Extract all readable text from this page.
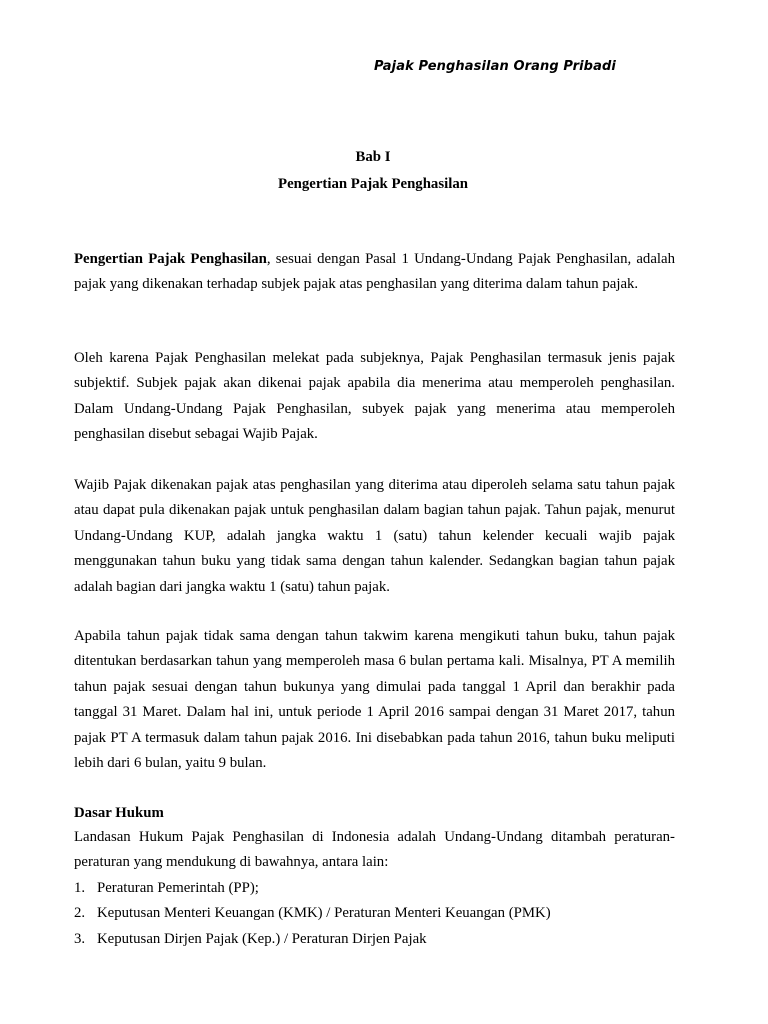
Pajak Penghasilan Orang Pribadi
Bab I
Pengertian Pajak Penghasilan

Pengertian Pajak Penghasilan, sesuai dengan Pasal 1 Undang-Undang Pajak Penghasilan, adalah pajak yang dikenakan terhadap subjek pajak atas penghasilan yang diterima dalam tahun pajak.

Oleh karena Pajak Penghasilan melekat pada subjeknya, Pajak Penghasilan termasuk jenis pajak subjektif. Subjek pajak akan dikenai pajak apabila dia menerima atau memperoleh penghasilan. Dalam Undang-Undang Pajak Penghasilan, subyek pajak yang menerima atau memperoleh penghasilan disebut sebagai Wajib Pajak.

Wajib Pajak dikenakan pajak atas penghasilan yang diterima atau diperoleh selama satu tahun pajak atau dapat pula dikenakan pajak untuk penghasilan dalam bagian tahun pajak. Tahun pajak, menurut Undang-Undang KUP, adalah jangka waktu 1 (satu) tahun kelender kecuali wajib pajak menggunakan tahun buku yang tidak sama dengan tahun kalender. Sedangkan bagian tahun pajak adalah bagian dari jangka waktu 1 (satu) tahun pajak.

Apabila tahun pajak tidak sama dengan tahun takwim karena mengikuti tahun buku, tahun pajak ditentukan berdasarkan tahun yang memperoleh masa 6 bulan pertama kali. Misalnya, PT A memilih tahun pajak sesuai dengan tahun bukunya yang dimulai pada tanggal 1 April dan berakhir pada tanggal 31 Maret. Dalam hal ini, untuk periode 1 April 2016 sampai dengan 31 Maret 2017, tahun pajak PT A termasuk dalam tahun pajak 2016. Ini disebabkan pada tahun 2016, tahun buku meliputi lebih dari 6 bulan, yaitu 9 bulan.

Dasar Hukum

Landasan Hukum Pajak Penghasilan di Indonesia adalah Undang-Undang ditambah peraturan-peraturan yang mendukung di bawahnya, antara lain:

1. Peraturan Pemerintah (PP);
2. Keputusan Menteri Keuangan (KMK) / Peraturan Menteri Keuangan (PMK)
3. Keputusan Dirjen Pajak (Kep.) / Peraturan Dirjen Pajak
